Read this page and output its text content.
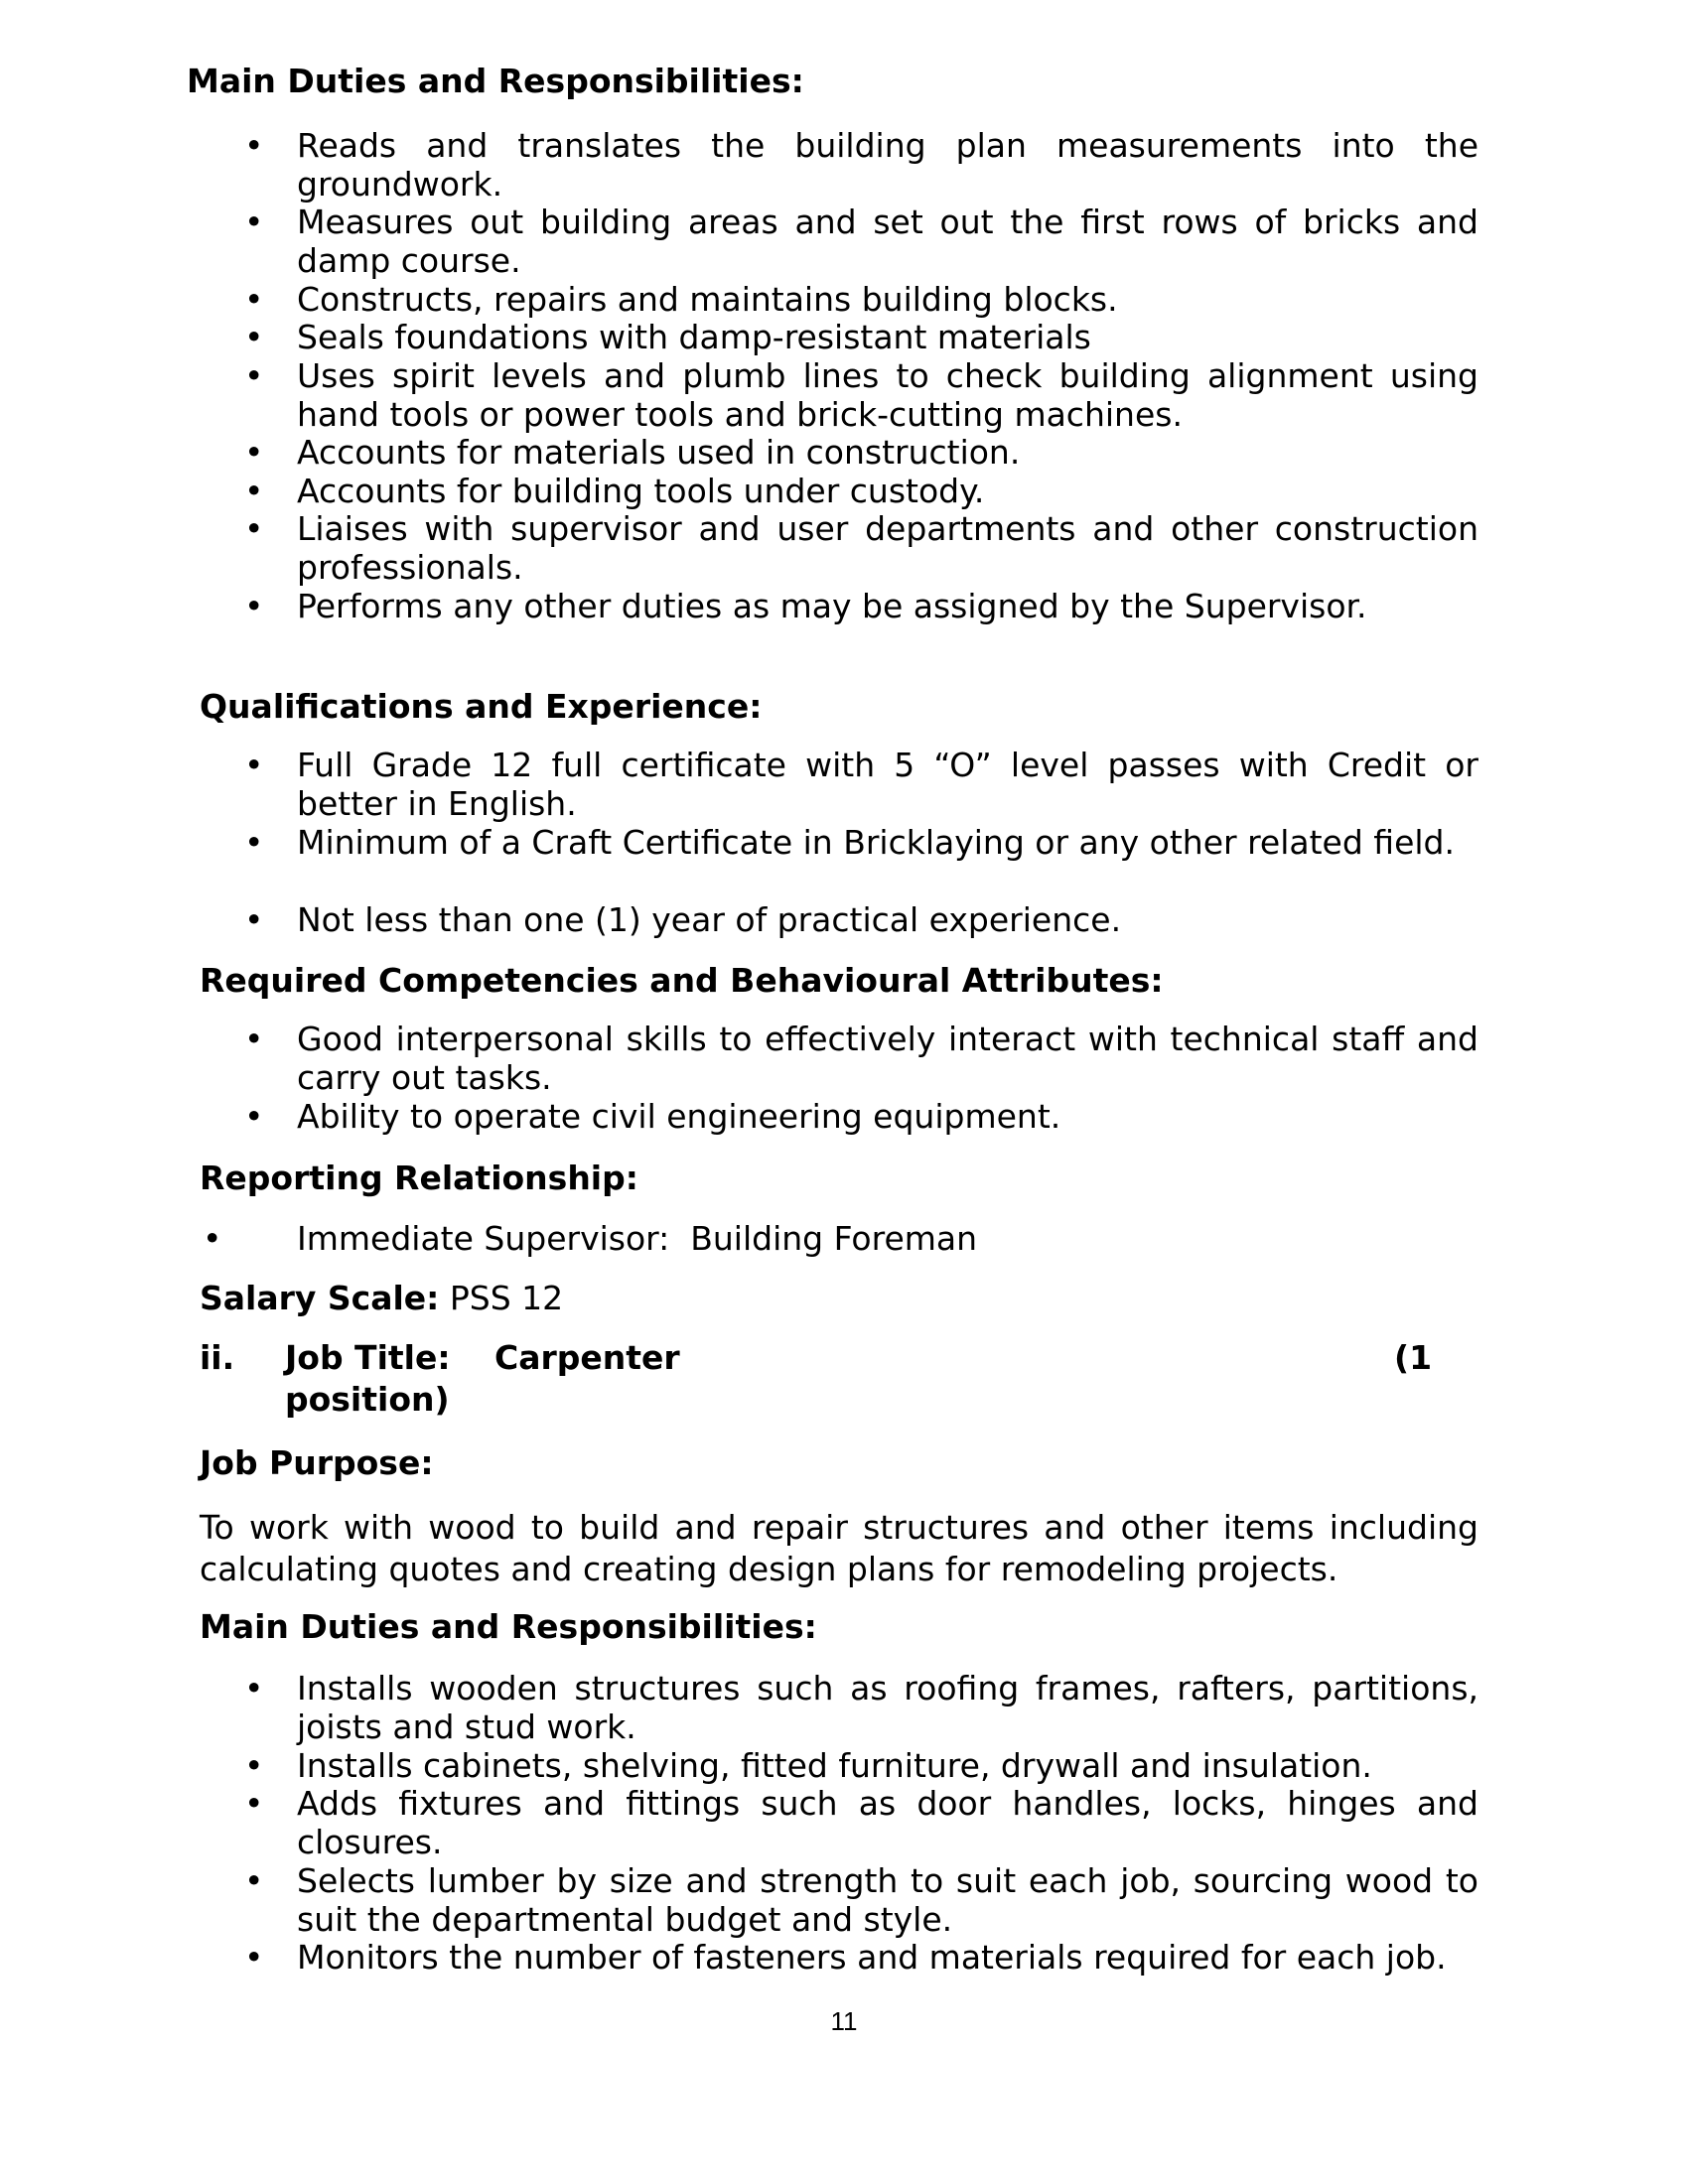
Main Duties and Responsibilities:
• Reads and translates the building plan measurements into the groundwork.
• Measures out building areas and set out the first rows of bricks and damp course.
• Constructs, repairs and maintains building blocks.
• Seals foundations with damp-resistant materials
• Uses spirit levels and plumb lines to check building alignment using hand tools or power tools and brick-cutting machines.
• Accounts for materials used in construction.
• Accounts for building tools under custody.
• Liaises with supervisor and user departments and other construction professionals.
• Performs any other duties as may be assigned by the Supervisor.
Qualifications and Experience:
• Full Grade 12 full certificate with 5 “O” level passes with Credit or better in English.
• Minimum of a Craft Certificate in Bricklaying or any other related field.
• Not less than one (1) year of practical experience.
Required Competencies and Behavioural Attributes:
• Good interpersonal skills to effectively interact with technical staff and carry out tasks.
• Ability to operate civil engineering equipment.
Reporting Relationship:
• Immediate Supervisor:  Building Foreman
Salary Scale: PSS 12
ii. Job Title: Carpenter	(1
position)
Job Purpose:
To work with wood to build and repair structures and other items including calculating quotes and creating design plans for remodeling projects.
Main Duties and Responsibilities:
• Installs wooden structures such as roofing frames, rafters, partitions, joists and stud work.
• Installs cabinets, shelving, fitted furniture, drywall and insulation.
• Adds fixtures and fittings such as door handles, locks, hinges and closures.
• Selects lumber by size and strength to suit each job, sourcing wood to suit the departmental budget and style.
• Monitors the number of fasteners and materials required for each job.
11
